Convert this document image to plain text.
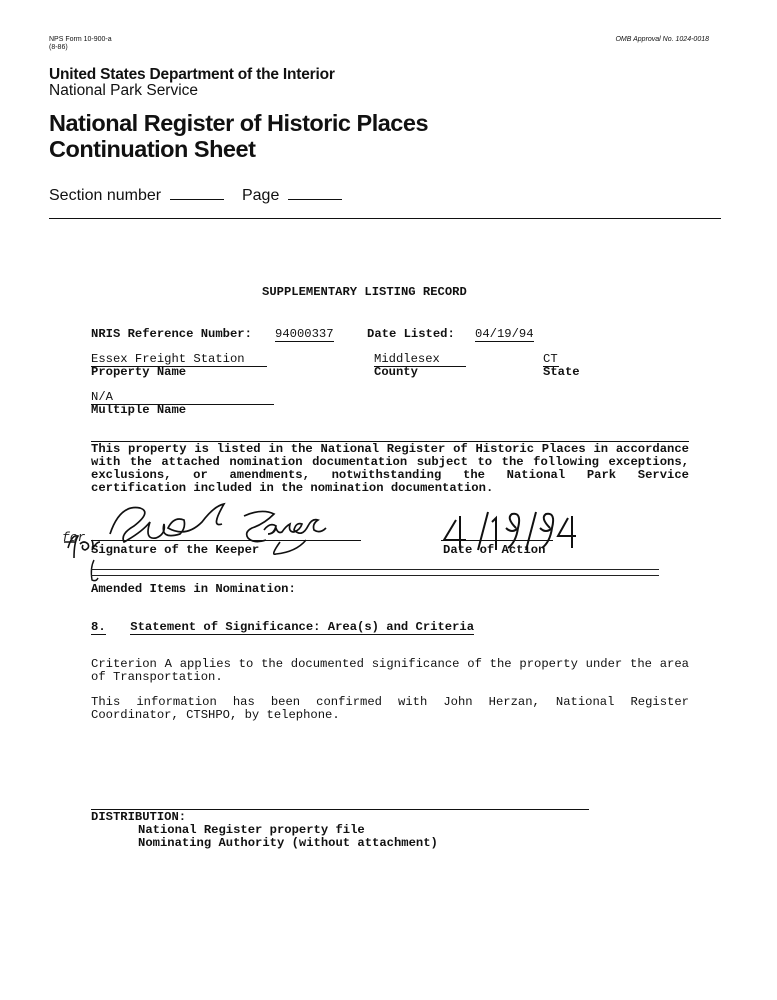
NPS Form 10-900-a
(8-86)
OMB Approval No. 1024-0018
United States Department of the Interior
National Park Service
National Register of Historic Places
Continuation Sheet
Section number	Page
SUPPLEMENTARY LISTING RECORD
NRIS Reference Number: 94000337	Date Listed: 04/19/94
Essex Freight Station
Property Name
Middlesex
County
CT
State
N/A
Multiple Name
This property is listed in the National Register of Historic Places in accordance
with the attached nomination documentation subject to the following exceptions, exclusions, or amendments, notwithstanding the National Park Service certification included in the nomination documentation.
for
Signature of the Keeper	Date of Action
Amended Items in Nomination:
8. Statement of Significance: Area(s) and Criteria
Criterion A applies to the documented significance of the property under the area of Transportation.
This information has been confirmed with John Herzan, National Register Coordinator, CTSHPO, by telephone.
DISTRIBUTION:
National Register property file
Nominating Authority (without attachment)
